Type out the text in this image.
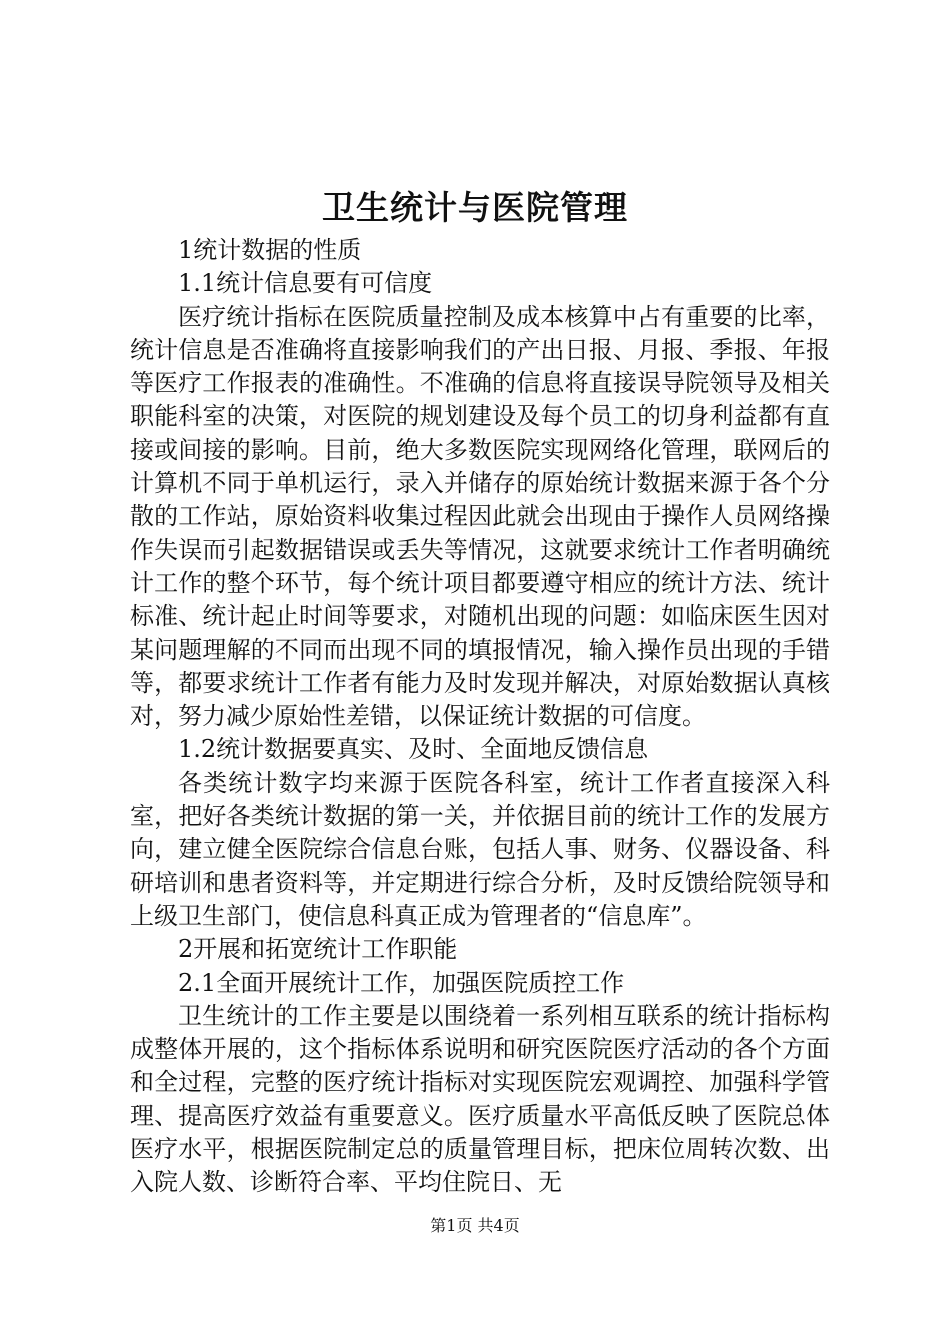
卫生统计与医院管理

1统计数据的性质

1.1统计信息要有可信度

医疗统计指标在医院质量控制及成本核算中占有重要的比率，统计信息是否准确将直接影响我们的产出日报、月报、季报、年报等医疗工作报表的准确性。不准确的信息将直接误导院领导及相关职能科室的决策，对医院的规划建设及每个员工的切身利益都有直接或间接的影响。目前，绝大多数医院实现网络化管理，联网后的计算机不同于单机运行，录入并储存的原始统计数据来源于各个分散的工作站，原始资料收集过程因此就会出现由于操作人员网络操作失误而引起数据错误或丢失等情况，这就要求统计工作者明确统计工作的整个环节，每个统计项目都要遵守相应的统计方法、统计标准、统计起止时间等要求，对随机出现的问题：如临床医生因对某问题理解的不同而出现不同的填报情况，输入操作员出现的手错等，都要求统计工作者有能力及时发现并解决，对原始数据认真核对，努力减少原始性差错，以保证统计数据的可信度。

1.2统计数据要真实、及时、全面地反馈信息

各类统计数字均来源于医院各科室，统计工作者直接深入科室，把好各类统计数据的第一关，并依据目前的统计工作的发展方向，建立健全医院综合信息台账，包括人事、财务、仪器设备、科研培训和患者资料等，并定期进行综合分析，及时反馈给院领导和上级卫生部门，使信息科真正成为管理者的“信息库”。

2开展和拓宽统计工作职能

2.1全面开展统计工作，加强医院质控工作

卫生统计的工作主要是以围绕着一系列相互联系的统计指标构成整体开展的，这个指标体系说明和研究医院医疗活动的各个方面和全过程，完整的医疗统计指标对实现医院宏观调控、加强科学管理、提高医疗效益有重要意义。医疗质量水平高低反映了医院总体医疗水平，根据医院制定总的质量管理目标，把床位周转次数、出入院人数、诊断符合率、平均住院日、无

第1页 共4页
